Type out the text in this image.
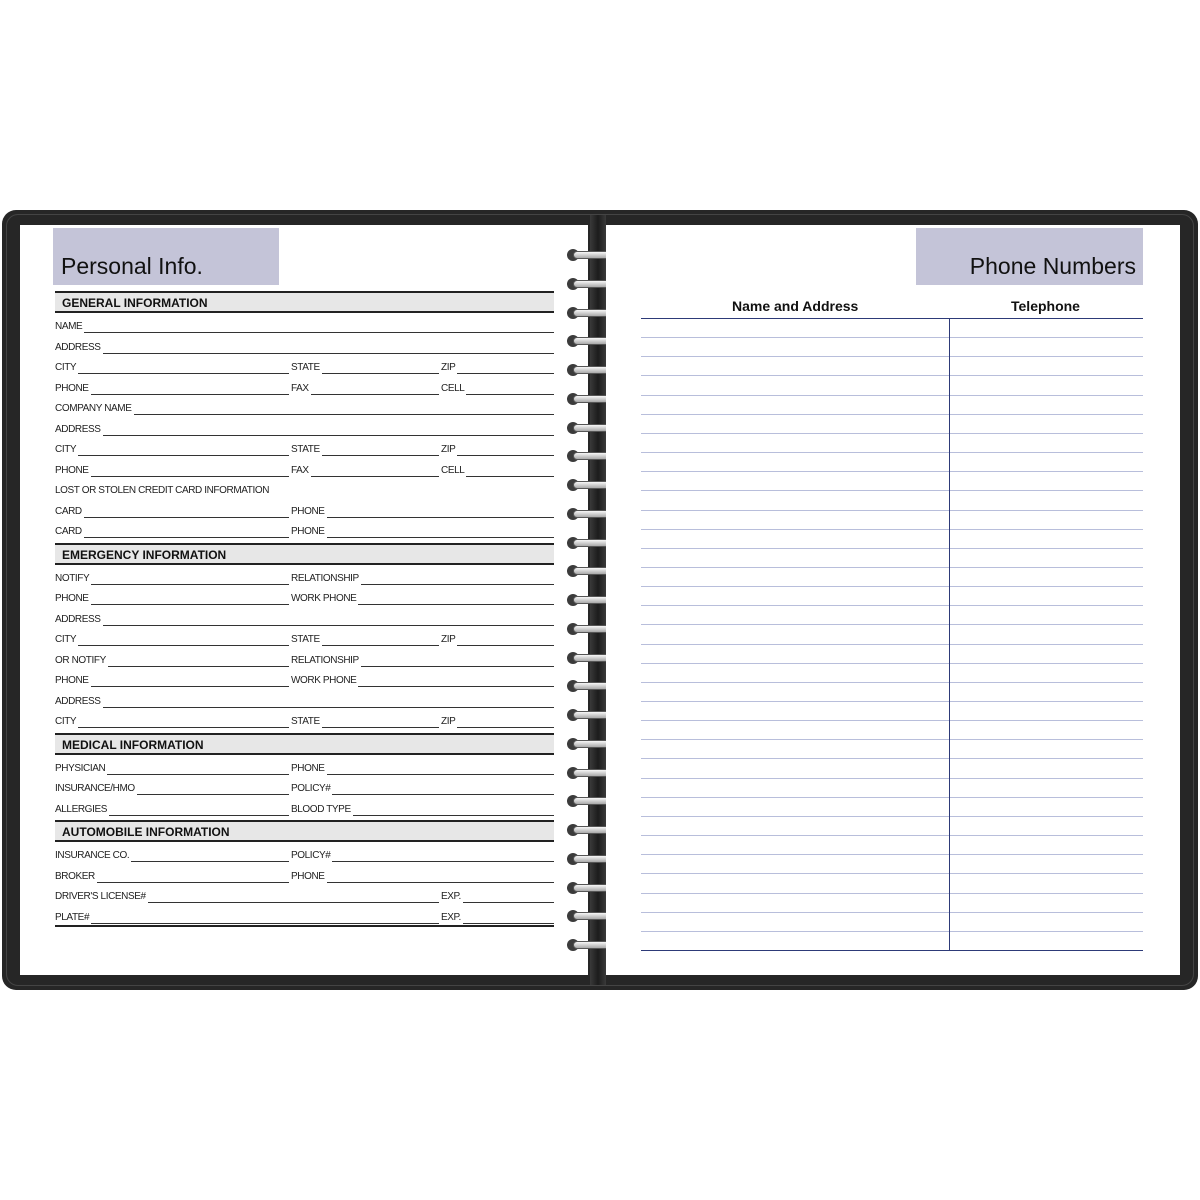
Personal Info.
GENERAL INFORMATION
NAME
ADDRESS
CITY	STATE	ZIP
PHONE	FAX	CELL
COMPANY NAME
ADDRESS
CITY	STATE	ZIP
PHONE	FAX	CELL
LOST OR STOLEN CREDIT CARD INFORMATION
CARD	PHONE
CARD	PHONE
EMERGENCY INFORMATION
NOTIFY	RELATIONSHIP
PHONE	WORK PHONE
ADDRESS
CITY	STATE	ZIP
OR NOTIFY	RELATIONSHIP
PHONE	WORK PHONE
ADDRESS
CITY	STATE	ZIP
MEDICAL INFORMATION
PHYSICIAN	PHONE
INSURANCE/HMO	POLICY#
ALLERGIES	BLOOD TYPE
AUTOMOBILE INFORMATION
INSURANCE CO.	POLICY#
BROKER	PHONE
DRIVER'S LICENSE#	EXP.
PLATE#	EXP.
Phone Numbers
Name and Address	Telephone
